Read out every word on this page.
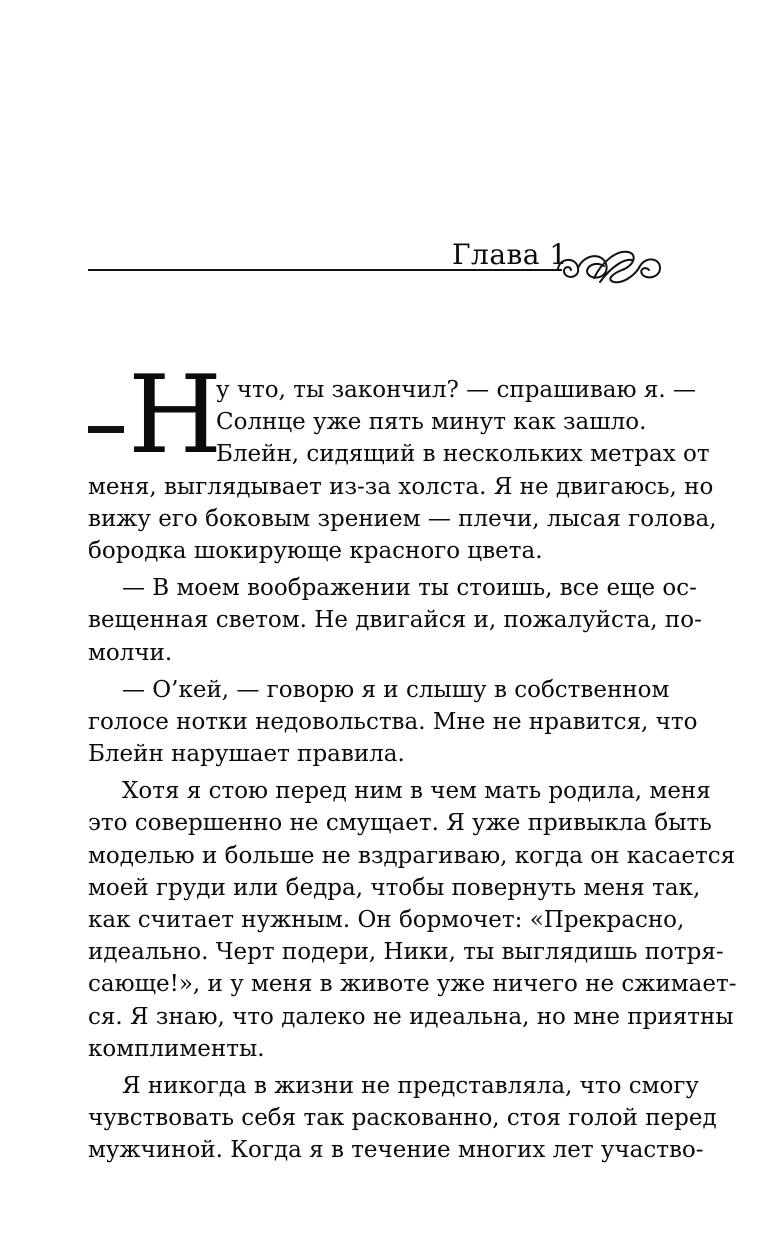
Глава 1
Н
у что, ты закончил? — спрашиваю я. —
Солнце уже пять минут как зашло.
Блейн, сидящий в нескольких метрах от
меня, выглядывает из-за холста. Я не двигаюсь, но
вижу его боковым зрением — плечи, лысая голова,
бородка шокирующе красного цвета.
— В моем воображении ты стоишь, все еще ос-
вещенная светом. Не двигайся и, пожалуйста, по-
молчи.
— О’кей, — говорю я и слышу в собственном
голосе нотки недовольства. Мне не нравится, что
Блейн нарушает правила.
Хотя я стою перед ним в чем мать родила, меня
это совершенно не смущает. Я уже привыкла быть
моделью и больше не вздрагиваю, когда он касается
моей груди или бедра, чтобы повернуть меня так,
как считает нужным. Он бормочет: «Прекрасно,
идеально. Черт подери, Ники, ты выглядишь потря-
сающе!», и у меня в животе уже ничего не сжимает-
ся. Я знаю, что далеко не идеальна, но мне приятны
комплименты.
Я никогда в жизни не представляла, что смогу
чувствовать себя так раскованно, стоя голой перед
мужчиной. Когда я в течение многих лет участво-
